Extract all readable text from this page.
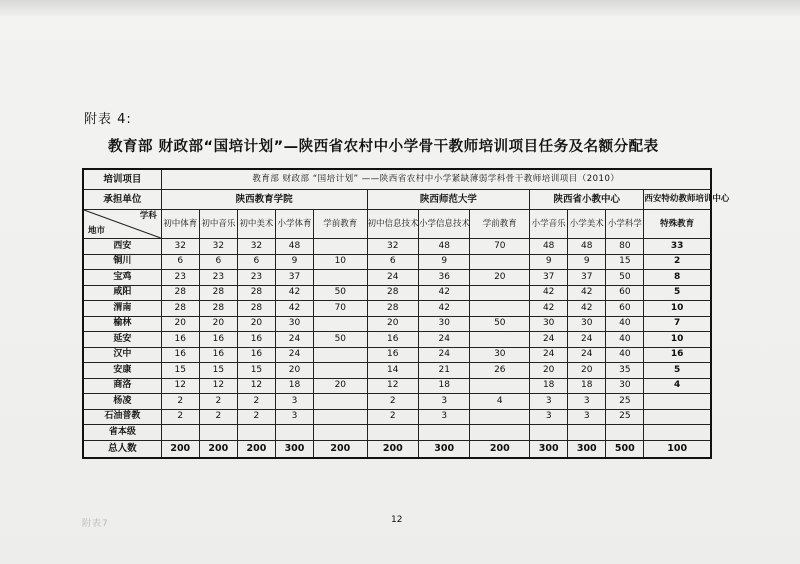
附表 4:
教育部 财政部“国培计划”—陕西省农村中小学骨干教师培训项目任务及名额分配表
培训项目	教育部 财政部 “国培计划” ——陕西省农村中小学紧缺薄弱学科骨干教师培训项目（2010）											
承担单位	陕西教育学院					陕西师范大学			陕西省小教中心			西安特幼教师培训中心

学科
地市	初中体育	初中音乐	初中美术	小学体育	学前教育	初中信息技术	小学信息技术	学前教育	小学音乐	小学美术	小学科学	特殊教育
西安	32	32	32	48		32	48	70	48	48	80	33
铜川	6	6	6	9	10	6	9		9	9	15	2
宝鸡	23	23	23	37		24	36	20	37	37	50	8
咸阳	28	28	28	42	50	28	42		42	42	60	5
渭南	28	28	28	42	70	28	42		42	42	60	10
榆林	20	20	20	30		20	30	50	30	30	40	7
延安	16	16	16	24	50	16	24		24	24	40	10
汉中	16	16	16	24		16	24	30	24	24	40	16
安康	15	15	15	20		14	21	26	20	20	35	5
商洛	12	12	12	18	20	12	18		18	18	30	4
杨凌	2	2	2	3		2	3	4	3	3	25	
石油普教	2	2	2	3		2	3		3	3	25	
省本级												
总人数	200	200	200	300	200	200	300	200	300	300	500	100
12
附表7
